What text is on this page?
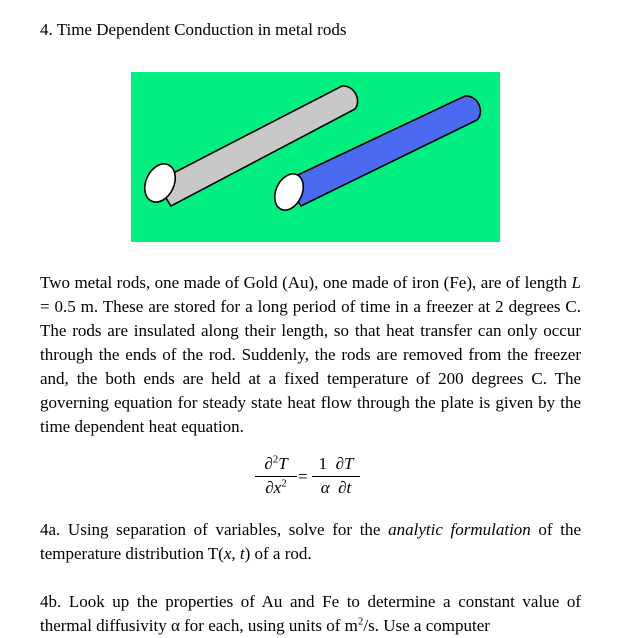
4. Time Dependent Conduction in metal rods
Two metal rods, one made of Gold (Au), one made of iron (Fe), are of length L = 0.5 m. These are stored for a long period of time in a freezer at 2 degrees C. The rods are insulated along their length, so that heat transfer can only occur through the ends of the rod. Suddenly, the rods are removed from the freezer and, the both ends are held at a fixed temperature of 200 degrees C. The governing equation for steady state heat flow through the plate is given by the time dependent heat equation.
∂$^2$T
$\partial x^2$ =
1 ∂T
α ∂t
4a. Using separation of variables, solve for the analytic formulation of the temperature distribution T(x, t) of a rod.
4b. Look up the properties of Au and Fe to determine a constant value of thermal diffusivity α for each, using units of $m^2/s$. Use a computer
